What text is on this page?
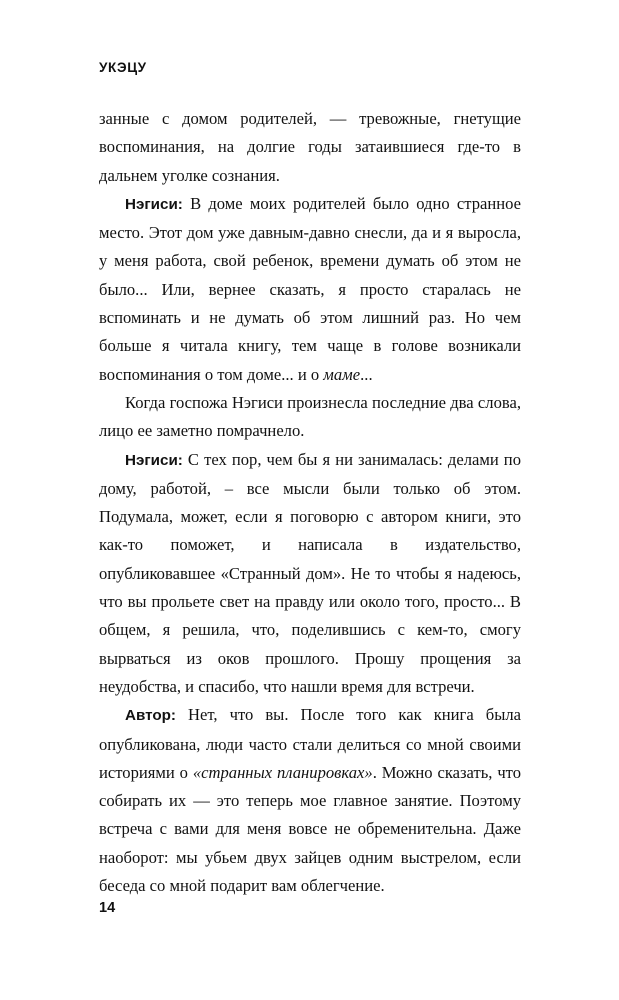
УКЭЦУ

занные с домом родителей, — тревожные, гнетущие воспоминания, на долгие годы затаившиеся где-то в дальнем уголке сознания.

Нэгиси: В доме моих родителей было одно странное место. Этот дом уже давным-давно снесли, да и я выросла, у меня работа, свой ребенок, времени думать об этом не было... Или, вернее сказать, я просто старалась не вспоминать и не думать об этом лишний раз. Но чем больше я читала книгу, тем чаще в голове возникали воспоминания о том доме... и о маме...

Когда госпожа Нэгиси произнесла последние два слова, лицо ее заметно помрачнело.

Нэгиси: С тех пор, чем бы я ни занималась: делами по дому, работой, – все мысли были только об этом. Подумала, может, если я поговорю с автором книги, это как-то поможет, и написала в издательство, опубликовавшее «Странный дом». Не то чтобы я надеюсь, что вы прольете свет на правду или около того, просто... В общем, я решила, что, поделившись с кем-то, смогу вырваться из оков прошлого. Прошу прощения за неудобства, и спасибо, что нашли время для встречи.

Автор: Нет, что вы. После того как книга была опубликована, люди часто стали делиться со мной своими историями о «странных планировках». Можно сказать, что собирать их — это теперь мое главное занятие. Поэтому встреча с вами для меня вовсе не обременительна. Даже наоборот: мы убьем двух зайцев одним выстрелом, если беседа со мной подарит вам облегчение.

14
